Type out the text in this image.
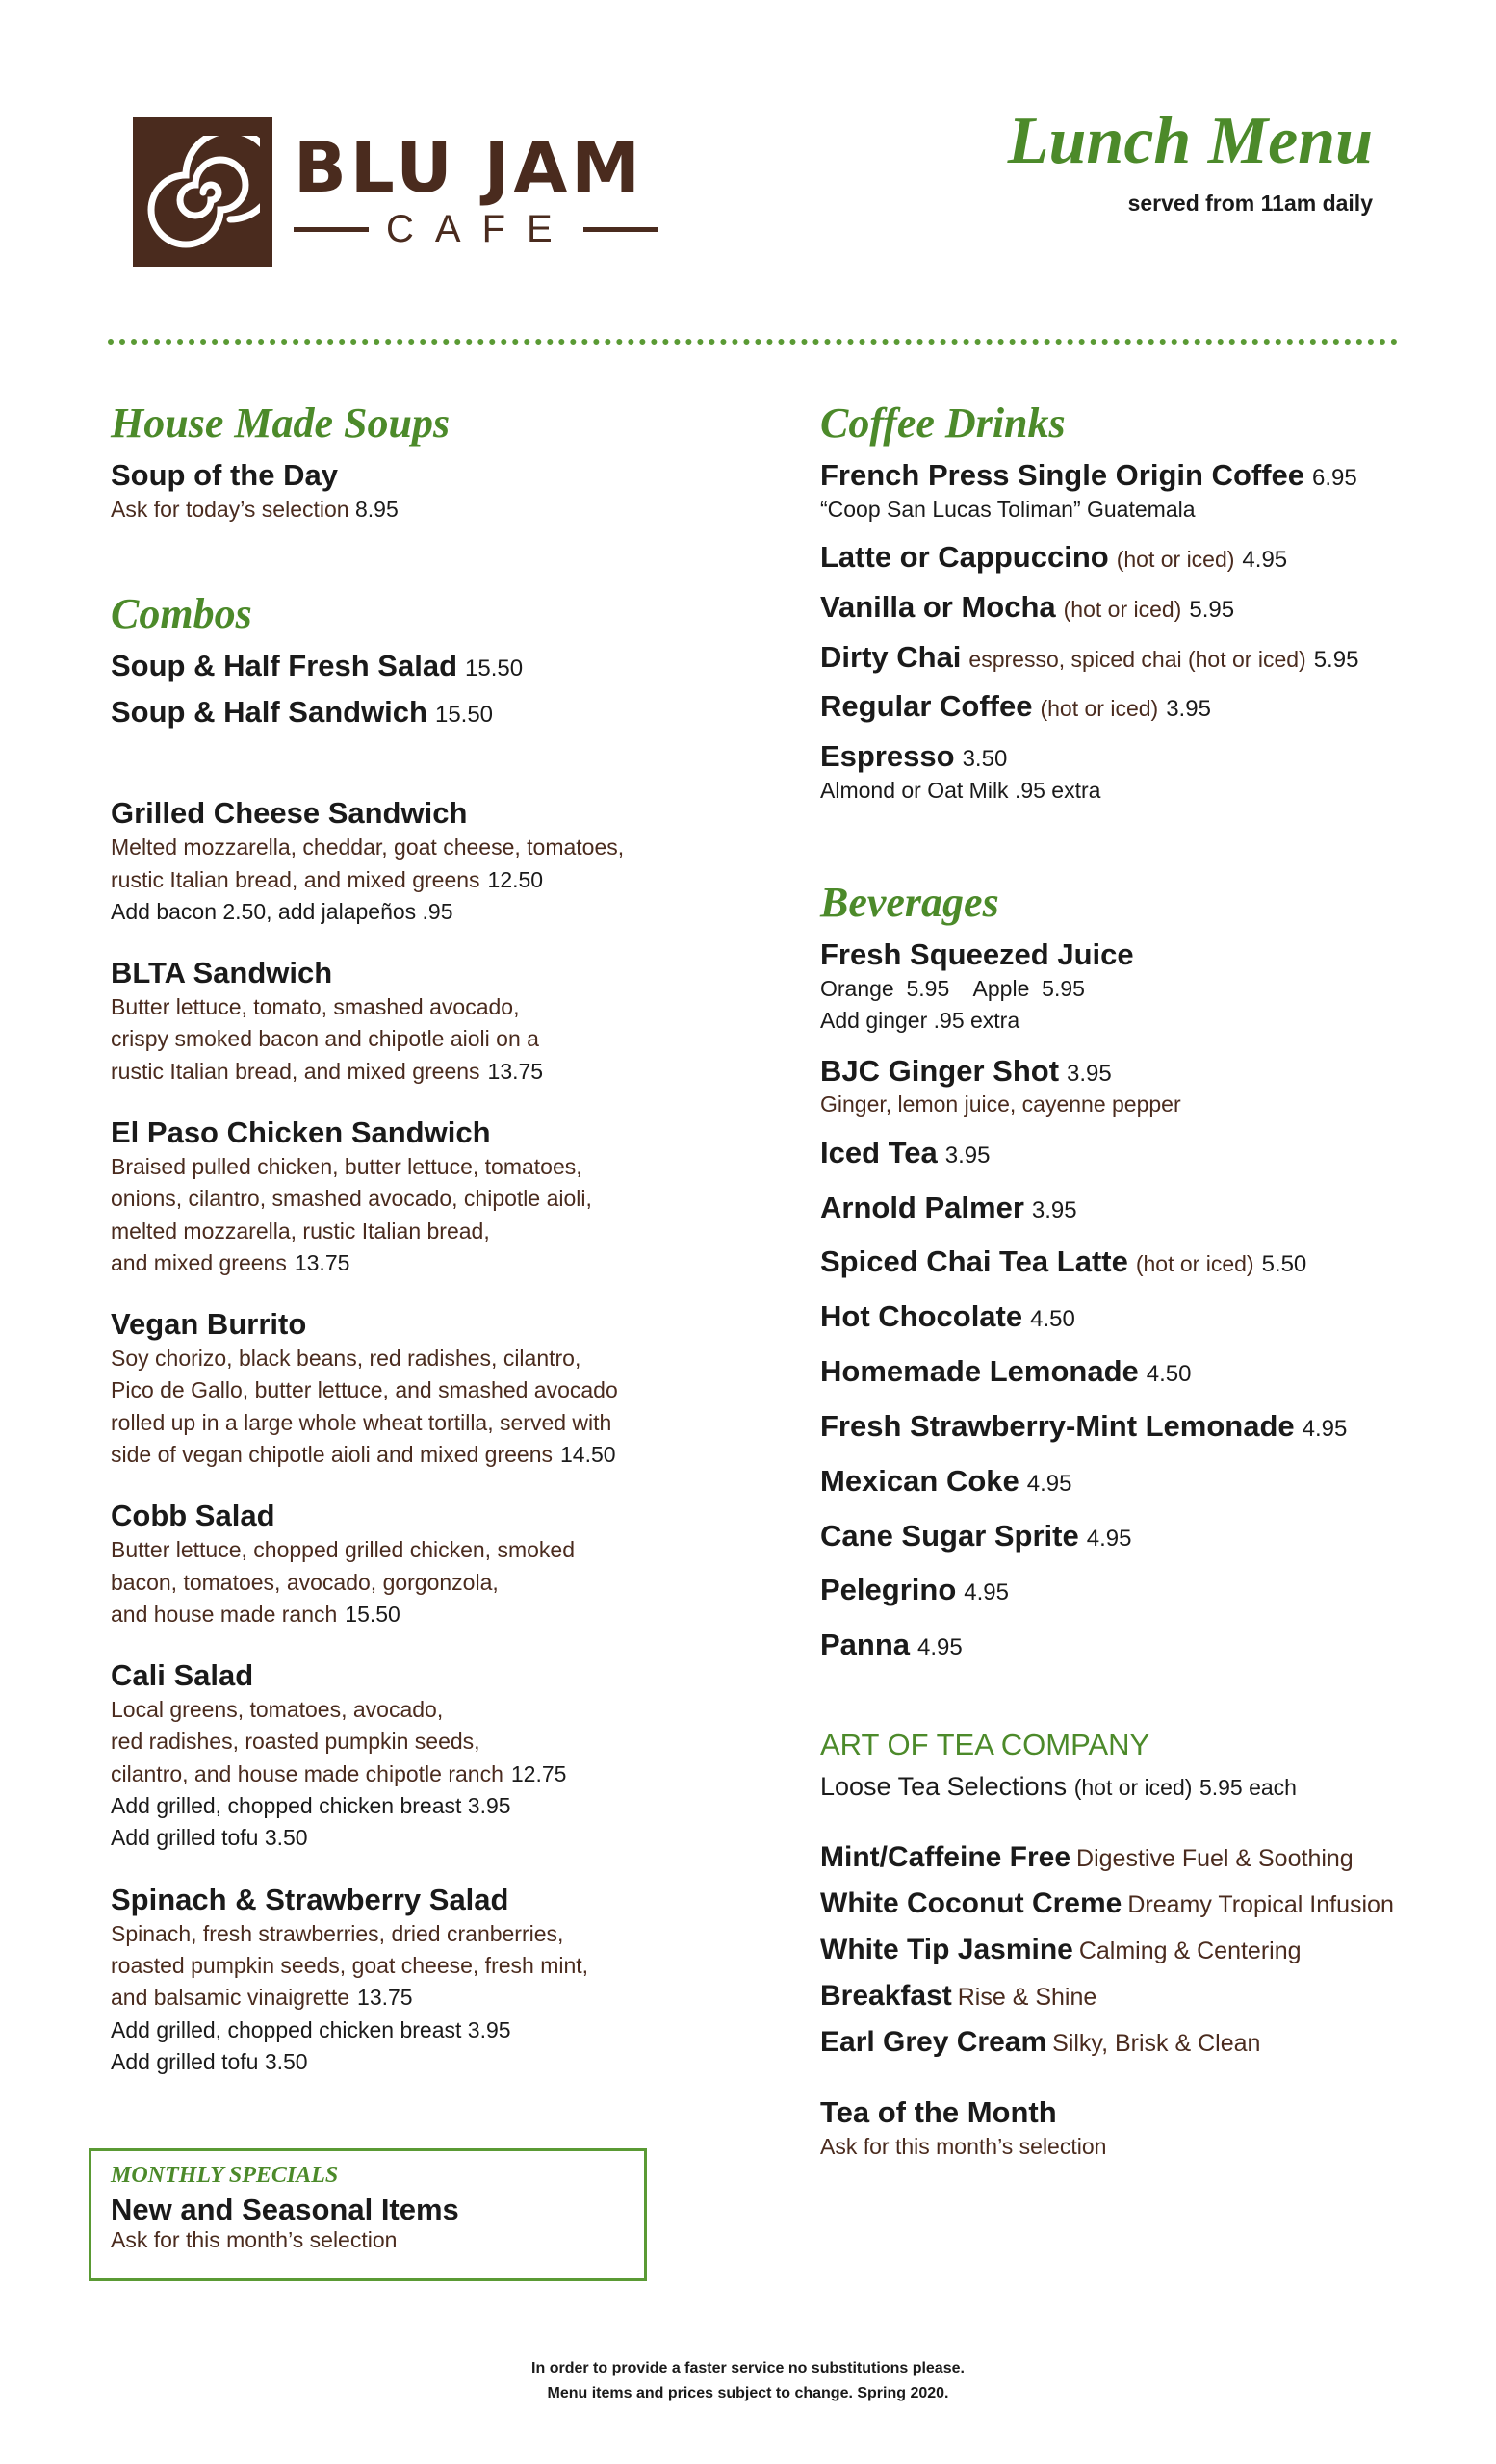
BLU JAM
CAFE
Lunch Menu
served from 11am daily
House Made Soups
Soup of the Day
Ask for today’s selection 8.95
Combos
Soup & Half Fresh Salad 15.50
Soup & Half Sandwich 15.50
Grilled Cheese Sandwich
Melted mozzarella, cheddar, goat cheese, tomatoes,
rustic Italian bread, and mixed greens 12.50
Add bacon 2.50, add jalapeños .95
BLTA Sandwich
Butter lettuce, tomato, smashed avocado,
crispy smoked bacon and chipotle aioli on a
rustic Italian bread, and mixed greens 13.75
El Paso Chicken Sandwich
Braised pulled chicken, butter lettuce, tomatoes,
onions, cilantro, smashed avocado, chipotle aioli,
melted mozzarella, rustic Italian bread,
and mixed greens 13.75
Vegan Burrito
Soy chorizo, black beans, red radishes, cilantro,
Pico de Gallo, butter lettuce, and smashed avocado
rolled up in a large whole wheat tortilla, served with
side of vegan chipotle aioli and mixed greens 14.50
Cobb Salad
Butter lettuce, chopped grilled chicken, smoked
bacon, tomatoes, avocado, gorgonzola,
and house made ranch 15.50
Cali Salad
Local greens, tomatoes, avocado,
red radishes, roasted pumpkin seeds,
cilantro, and house made chipotle ranch 12.75
Add grilled, chopped chicken breast 3.95
Add grilled tofu 3.50
Spinach & Strawberry Salad
Spinach, fresh strawberries, dried cranberries,
roasted pumpkin seeds, goat cheese, fresh mint,
and balsamic vinaigrette 13.75
Add grilled, chopped chicken breast 3.95
Add grilled tofu 3.50
MONTHLY SPECIALS
New and Seasonal Items
Ask for this month’s selection
Coffee Drinks
French Press Single Origin Coffee 6.95
“Coop San Lucas Toliman” Guatemala
Latte or Cappuccino (hot or iced) 4.95
Vanilla or Mocha (hot or iced) 5.95
Dirty Chai espresso, spiced chai (hot or iced) 5.95
Regular Coffee (hot or iced) 3.95
Espresso 3.50
Almond or Oat Milk .95 extra
Beverages
Fresh Squeezed Juice
Orange  5.95    Apple  5.95
Add ginger .95 extra
BJC Ginger Shot 3.95
Ginger, lemon juice, cayenne pepper
Iced Tea 3.95
Arnold Palmer 3.95
Spiced Chai Tea Latte (hot or iced) 5.50
Hot Chocolate 4.50
Homemade Lemonade 4.50
Fresh Strawberry-Mint Lemonade 4.95
Mexican Coke 4.95
Cane Sugar Sprite 4.95
Pelegrino 4.95
Panna 4.95
ART OF TEA COMPANY
Loose Tea Selections (hot or iced) 5.95 each
Mint/Caffeine Free Digestive Fuel & Soothing
White Coconut Creme Dreamy Tropical Infusion
White Tip Jasmine Calming & Centering
Breakfast Rise & Shine
Earl Grey Cream Silky, Brisk & Clean
Tea of the Month
Ask for this month’s selection
In order to provide a faster service no substitutions please.
Menu items and prices subject to change. Spring 2020.
